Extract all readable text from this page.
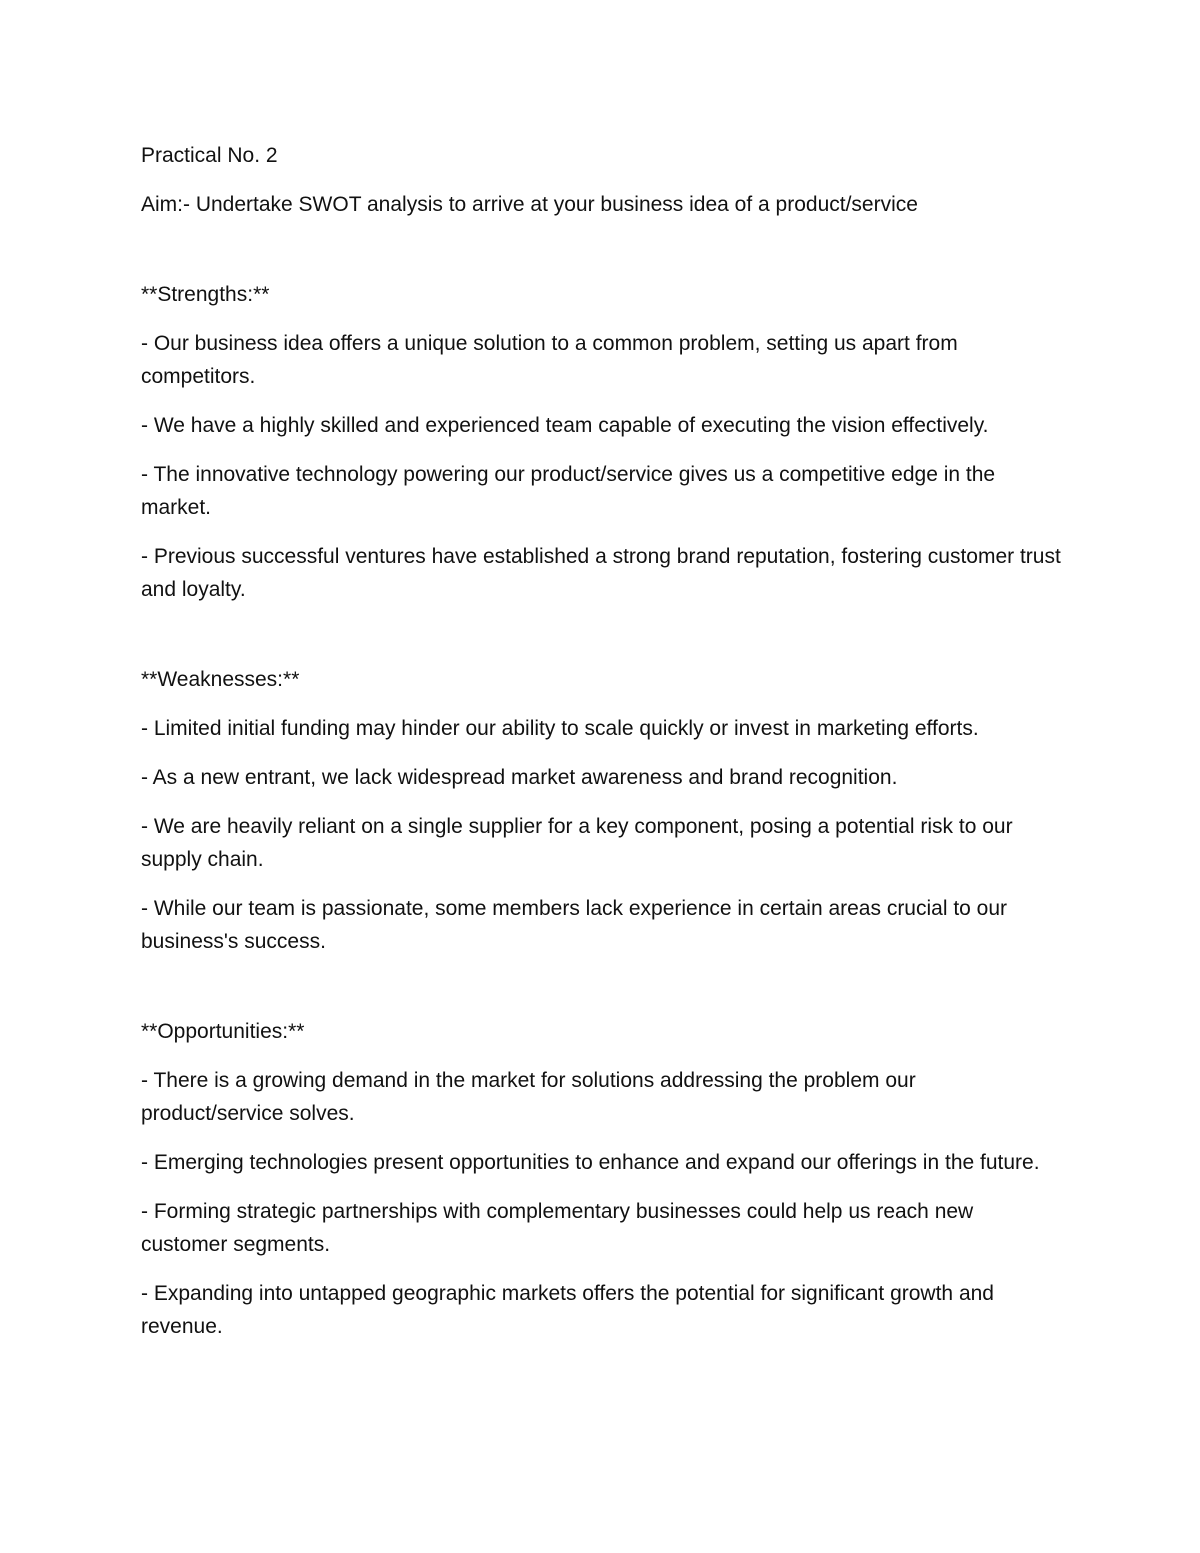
Practical No. 2

Aim:- Undertake SWOT analysis to arrive at your business idea of a product/service

**Strengths:**

- Our business idea offers a unique solution to a common problem, setting us apart from competitors.

- We have a highly skilled and experienced team capable of executing the vision effectively.

- The innovative technology powering our product/service gives us a competitive edge in the market.

- Previous successful ventures have established a strong brand reputation, fostering customer trust and loyalty.

**Weaknesses:**

- Limited initial funding may hinder our ability to scale quickly or invest in marketing efforts.

- As a new entrant, we lack widespread market awareness and brand recognition.

- We are heavily reliant on a single supplier for a key component, posing a potential risk to our supply chain.

- While our team is passionate, some members lack experience in certain areas crucial to our business's success.

**Opportunities:**

- There is a growing demand in the market for solutions addressing the problem our product/service solves.

- Emerging technologies present opportunities to enhance and expand our offerings in the future.

- Forming strategic partnerships with complementary businesses could help us reach new customer segments.

- Expanding into untapped geographic markets offers the potential for significant growth and revenue.
